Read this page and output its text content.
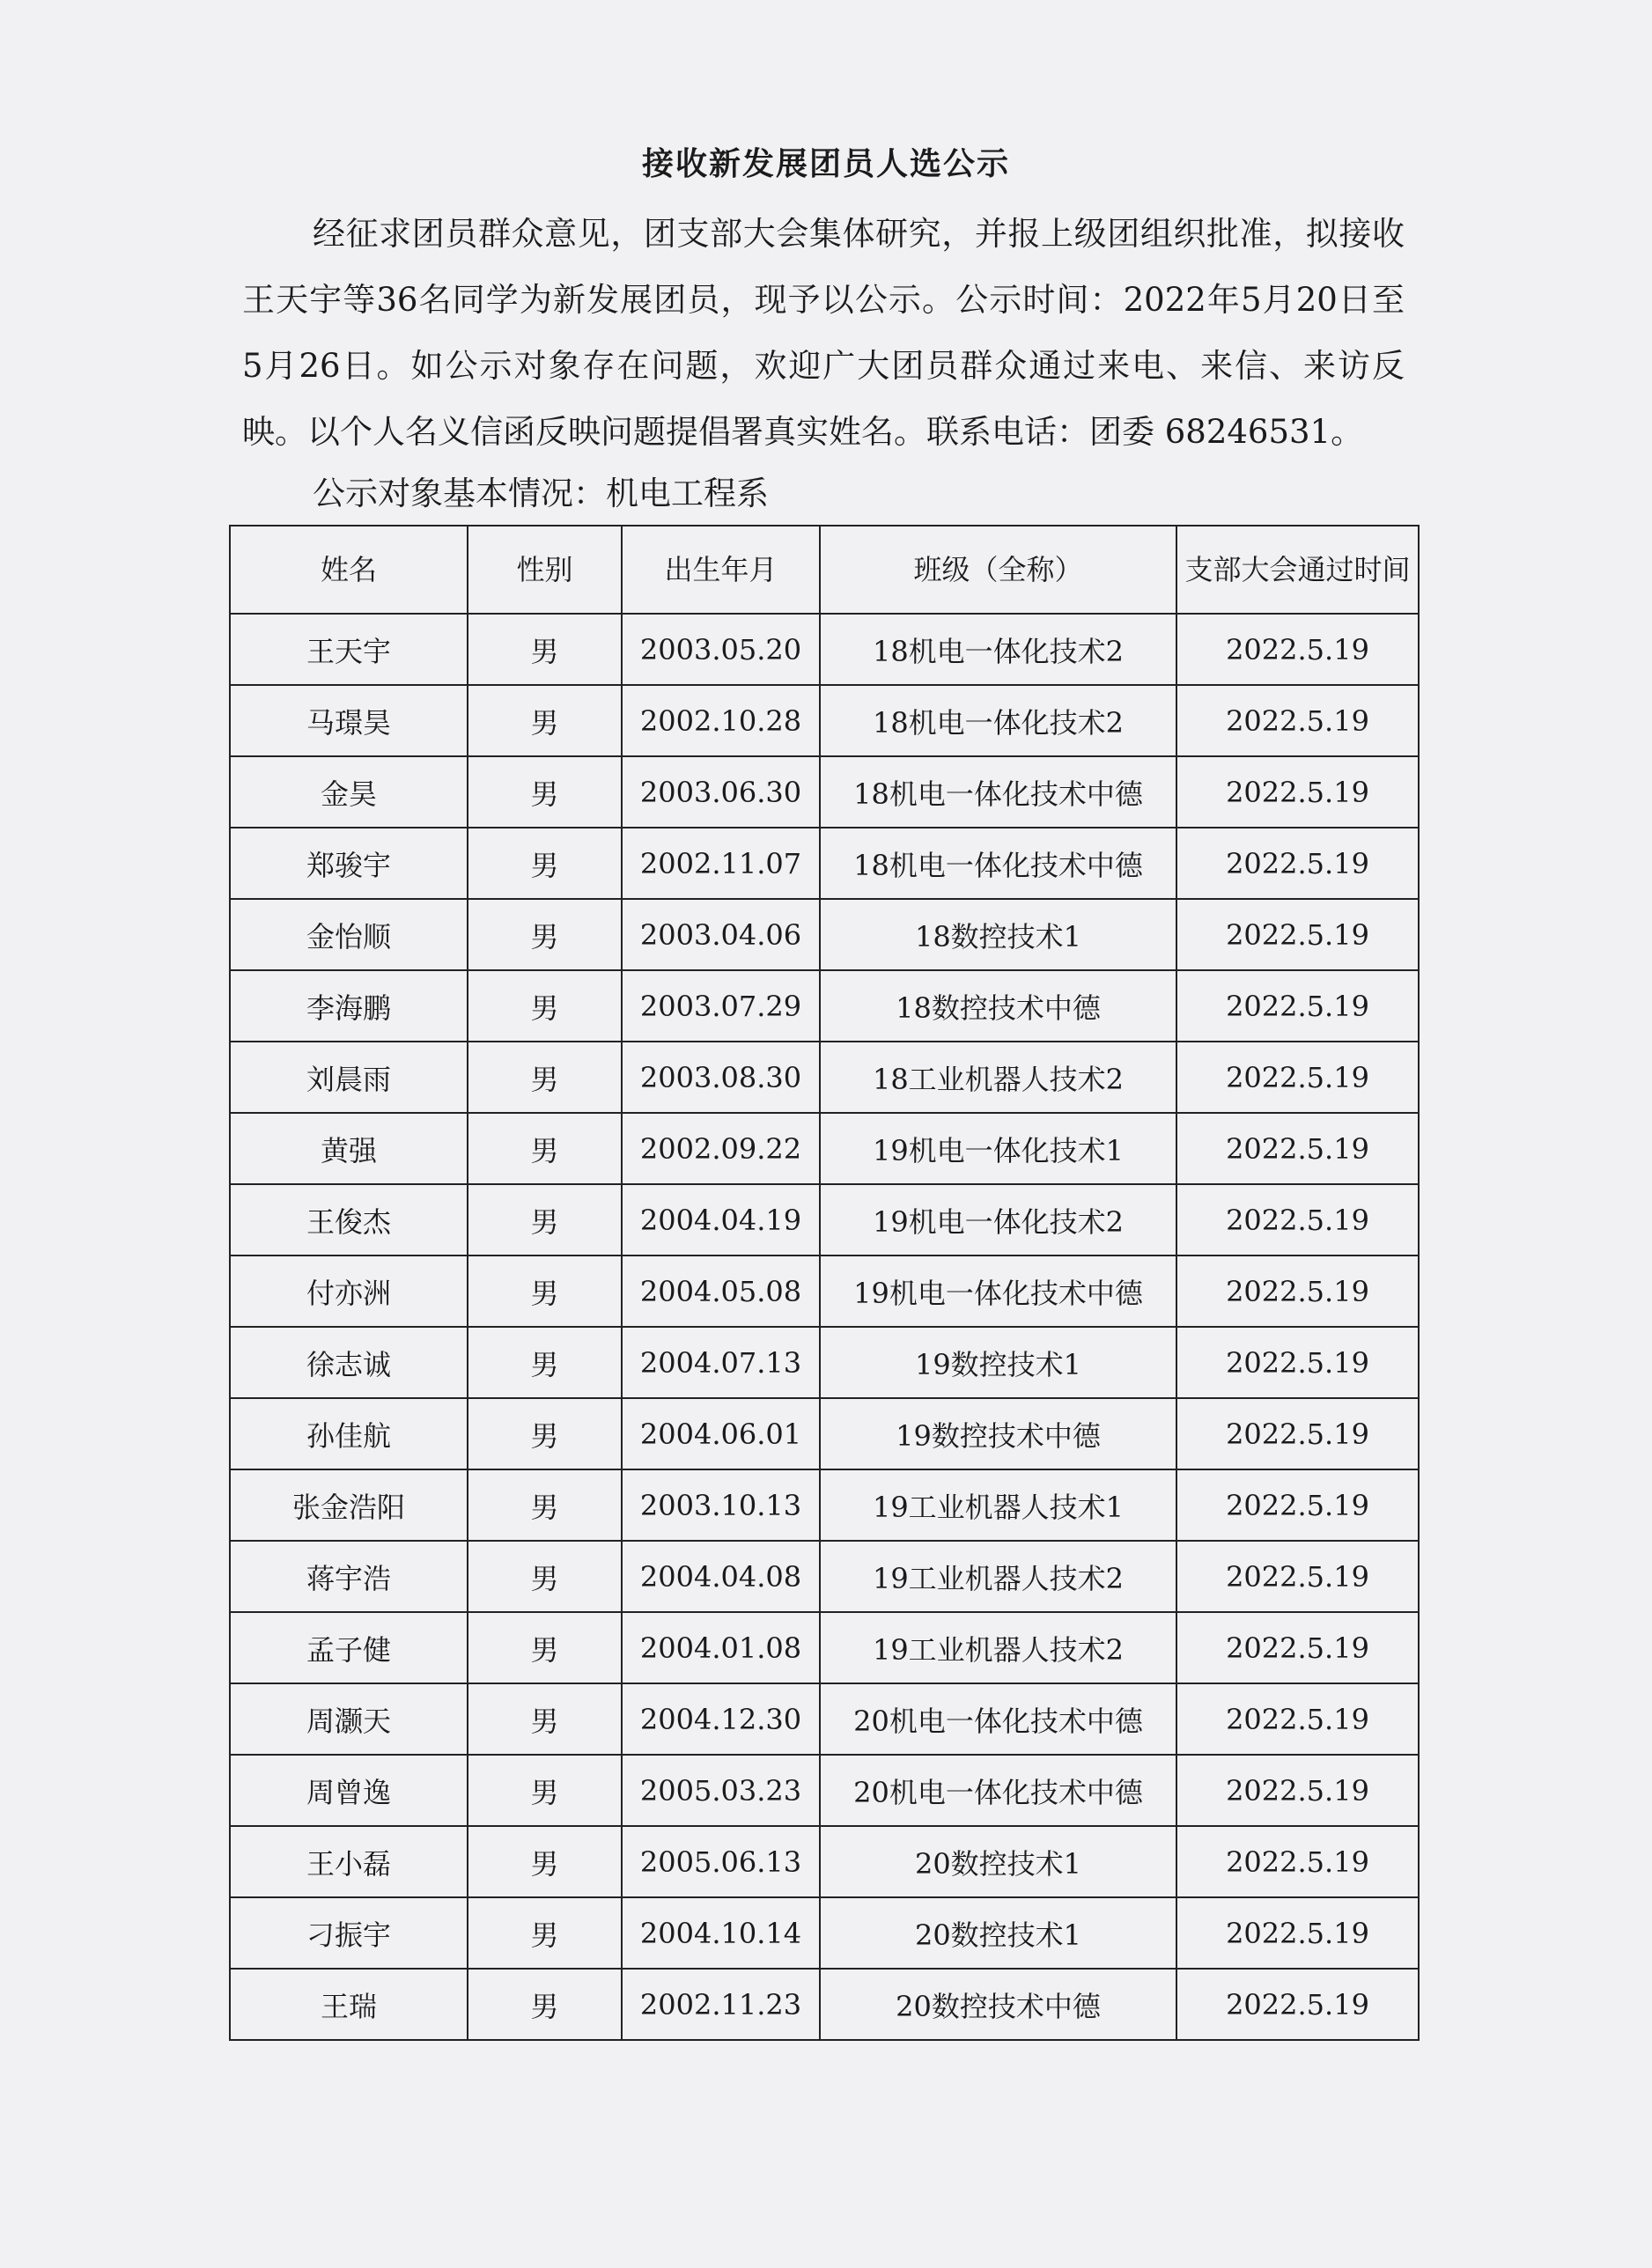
接收新发展团员人选公示
经征求团员群众意见，团支部大会集体研究，并报上级团组织批准，拟接收王天宇等36名同学为新发展团员，现予以公示。公示时间：2022年5月20日至 5月26日。如公示对象存在问题，欢迎广大团员群众通过来电、来信、来访反映。以个人名义信函反映问题提倡署真实姓名。联系电话：团委 68246531。
公示对象基本情况：机电工程系
姓名	性别	出生年月	班级（全称）	支部大会通过时间
王天宇	男	2003.05.20	18机电一体化技术2	2022.5.19
马璟昊	男	2002.10.28	18机电一体化技术2	2022.5.19
金昊	男	2003.06.30	18机电一体化技术中德	2022.5.19
郑骏宇	男	2002.11.07	18机电一体化技术中德	2022.5.19
金怡顺	男	2003.04.06	18数控技术1	2022.5.19
李海鹏	男	2003.07.29	18数控技术中德	2022.5.19
刘晨雨	男	2003.08.30	18工业机器人技术2	2022.5.19
黄强	男	2002.09.22	19机电一体化技术1	2022.5.19
王俊杰	男	2004.04.19	19机电一体化技术2	2022.5.19
付亦洲	男	2004.05.08	19机电一体化技术中德	2022.5.19
徐志诚	男	2004.07.13	19数控技术1	2022.5.19
孙佳航	男	2004.06.01	19数控技术中德	2022.5.19
张金浩阳	男	2003.10.13	19工业机器人技术1	2022.5.19
蒋宇浩	男	2004.04.08	19工业机器人技术2	2022.5.19
孟子健	男	2004.01.08	19工业机器人技术2	2022.5.19
周灏天	男	2004.12.30	20机电一体化技术中德	2022.5.19
周曾逸	男	2005.03.23	20机电一体化技术中德	2022.5.19
王小磊	男	2005.06.13	20数控技术1	2022.5.19
刁振宇	男	2004.10.14	20数控技术1	2022.5.19
王瑞	男	2002.11.23	20数控技术中德	2022.5.19
